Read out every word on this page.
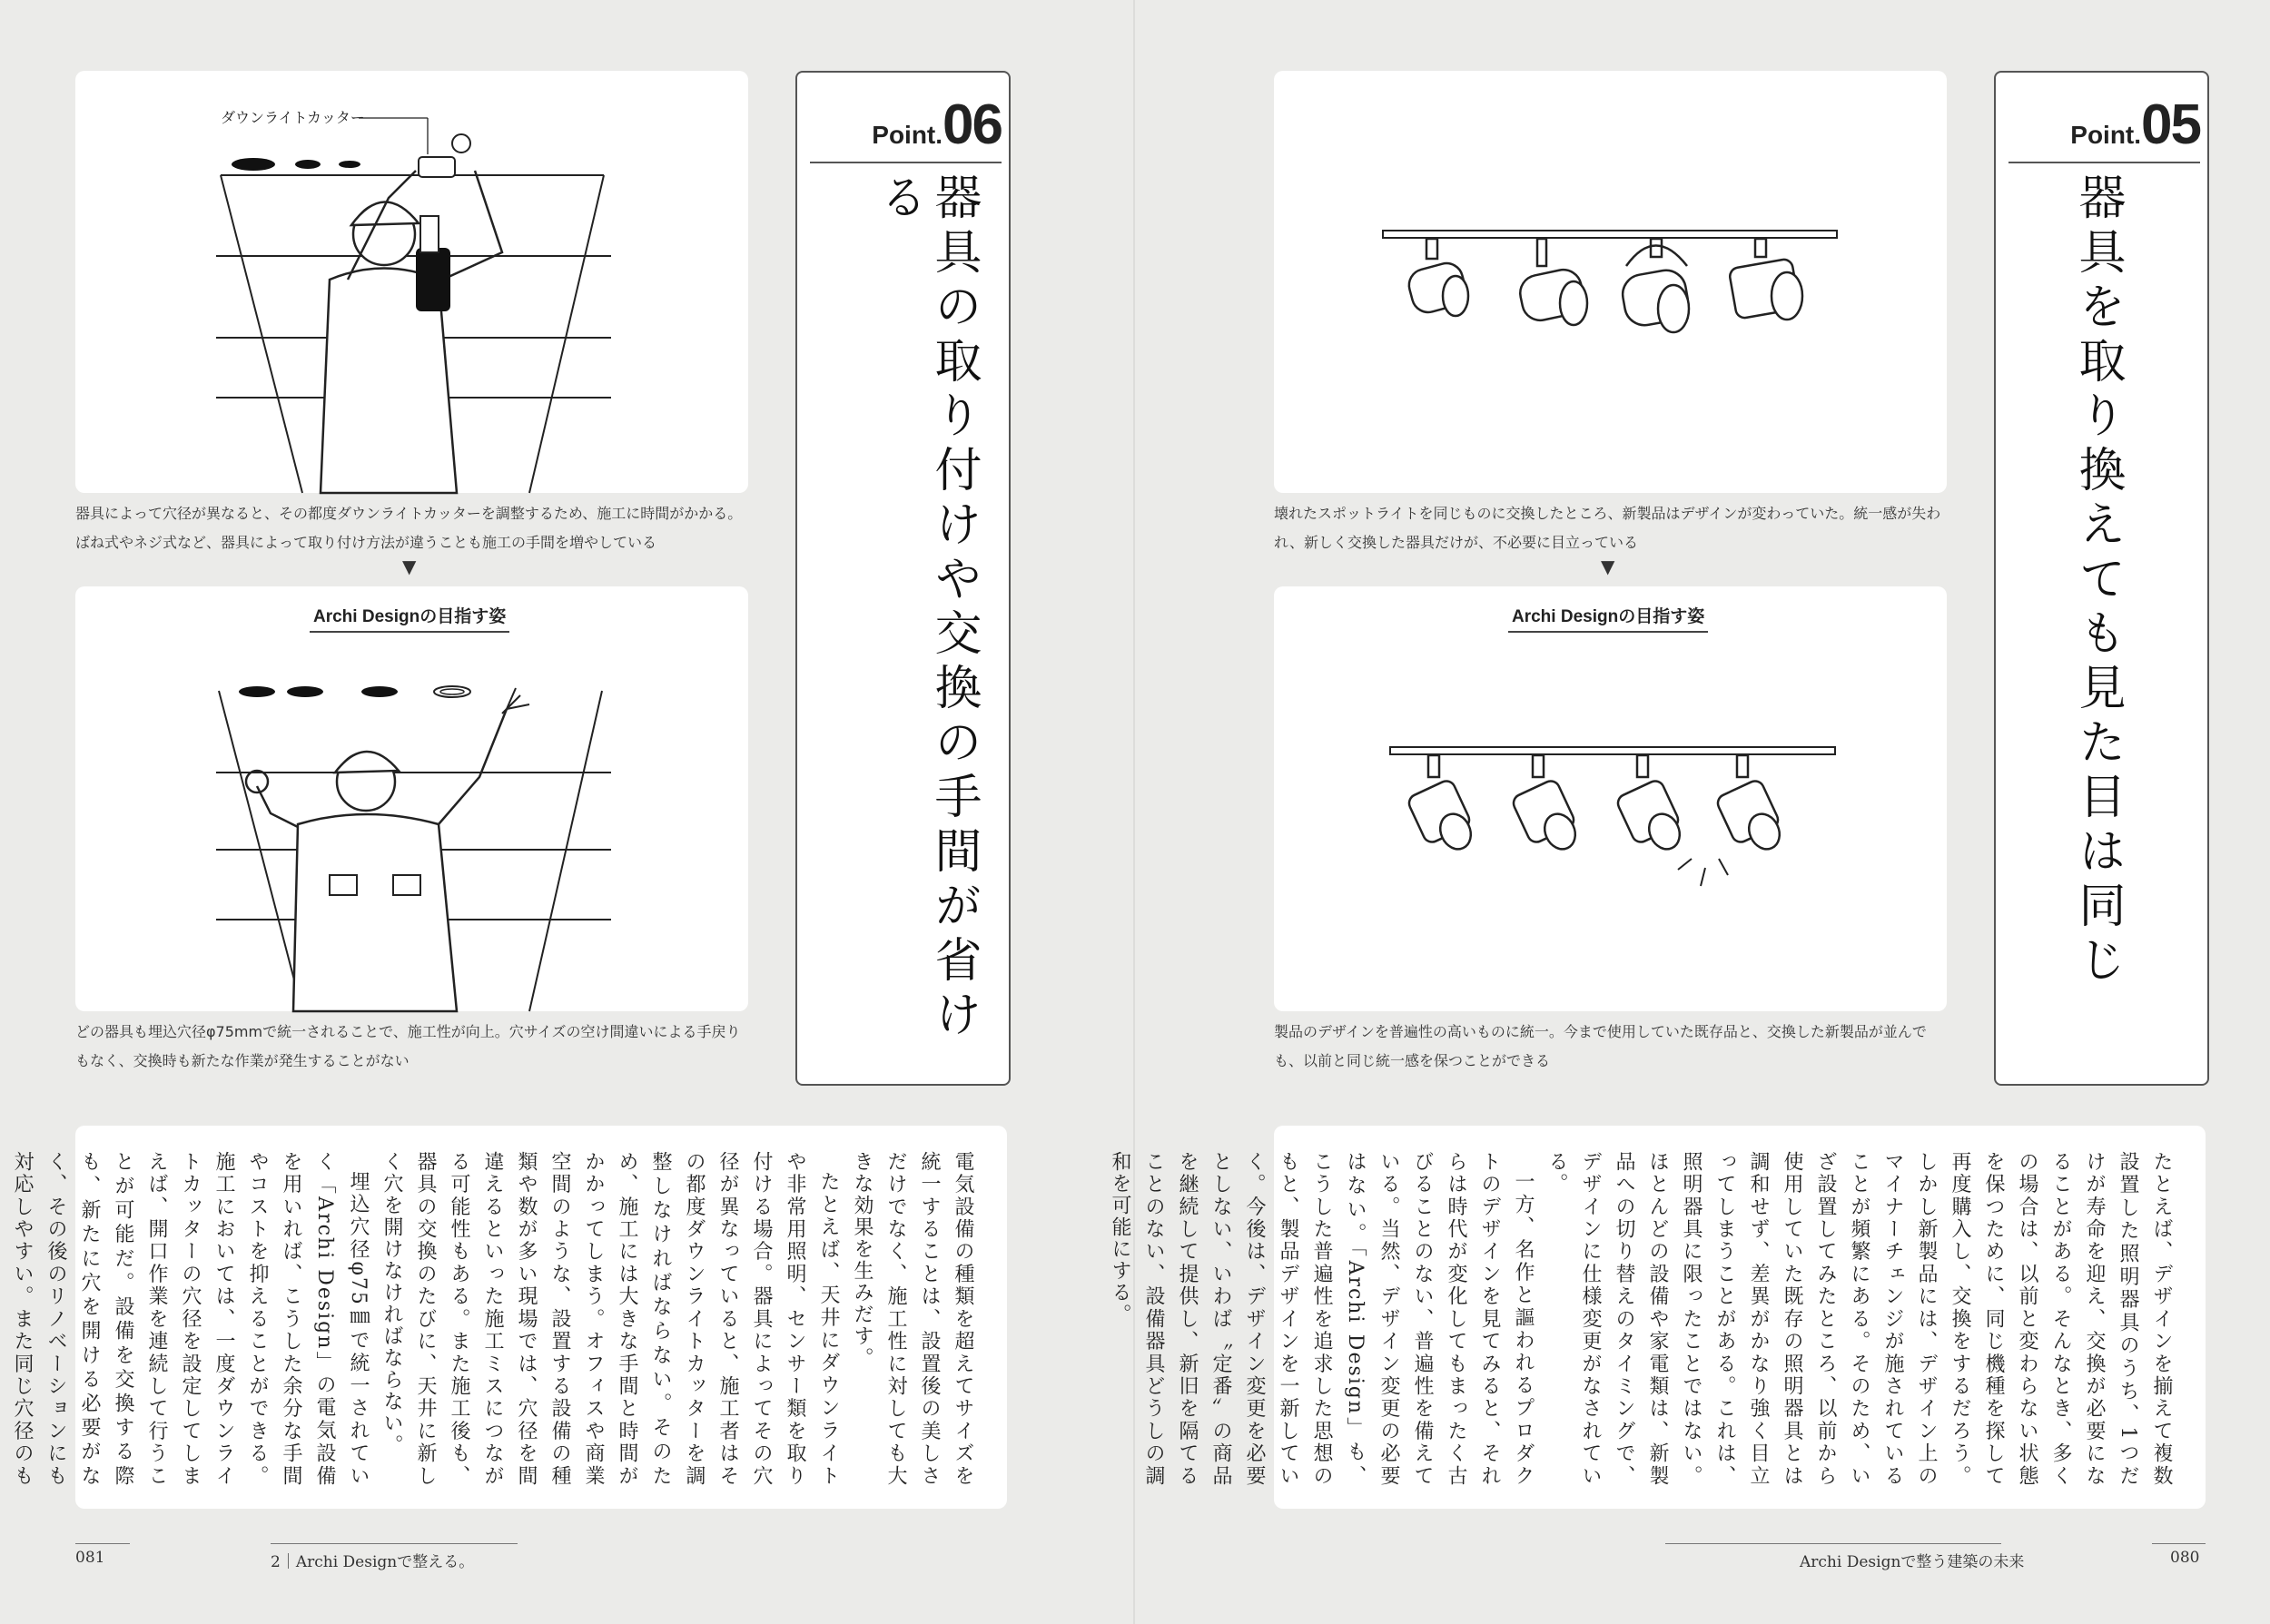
ダウンライトカッター
器具によって穴径が異なると、その都度ダウンライトカッターを調整するため、施工に時間がかかる。ばね式やネジ式など、器具によって取り付け方法が違うことも施工の手間を増やしている
▼
Archi Designの目指す姿
どの器具も埋込穴径φ75mmで統一されることで、施工性が向上。穴サイズの空け間違いによる手戻りもなく、交換時も新たな作業が発生することがない
Point.06
器具の取り付けや交換の手間が省ける

電気設備の種類を超えてサイズを統一することは、設置後の美しさだけでなく、施工性に対しても大きな効果を生みだす。

たとえば、天井にダウンライトや非常用照明、センサー類を取り付ける場合。器具によってその穴径が異なっていると、施工者はその都度ダウンライトカッターを調整しなければならない。そのため、施工には大きな手間と時間がかかってしまう。オフィスや商業空間のような、設置する設備の種類や数が多い現場では、穴径を間違えるといった施工ミスにつながる可能性もある。また施工後も、器具の交換のたびに、天井に新しく穴を開けなければならない。

埋込穴径φ75㎜で統一されていく「Archi Design」の電気設備を用いれば、こうした余分な手間やコストを抑えることができる。施工においては、一度ダウンライトカッターの穴径を設定してしまえば、開口作業を連続して行うことが可能だ。設備を交換する際も、新たに穴を開ける必要がなく、その後のリノベーションにも対応しやすい。また同じ穴径のも

081	2｜Archi Designで整える。
壊れたスポットライトを同じものに交換したところ、新製品はデザインが変わっていた。統一感が失われ、新しく交換した器具だけが、不必要に目立っている
▼
Archi Designの目指す姿
製品のデザインを普遍性の高いものに統一。今まで使用していた既存品と、交換した新製品が並んでも、以前と同じ統一感を保つことができる
Point.05
器具を取り換えても見た目は同じ

たとえば、デザインを揃えて複数設置した照明器具のうち、1つだけが寿命を迎え、交換が必要になることがある。そんなとき、多くの場合は、以前と変わらない状態を保つために、同じ機種を探して再度購入し、交換をするだろう。しかし新製品には、デザイン上のマイナーチェンジが施されていることが頻繁にある。そのため、いざ設置してみたところ、以前から使用していた既存の照明器具とは調和せず、差異がかなり強く目立ってしまうことがある。これは、照明器具に限ったことではない。ほとんどの設備や家電類は、新製品への切り替えのタイミングで、デザインに仕様変更がなされている。

一方、名作と謳われるプロダクトのデザインを見てみると、それらは時代が変化してもまったく古びることのない、普遍性を備えている。当然、デザイン変更の必要はない。「Archi Design」も、こうした普遍性を追求した思想のもと、製品デザインを一新していく。今後は、デザイン変更を必要としない、いわば〝定番〟の商品を継続して提供し、新旧を隔てることのない、設備器具どうしの調和を可能にする。

Archi Designで整う建築の未来	080
